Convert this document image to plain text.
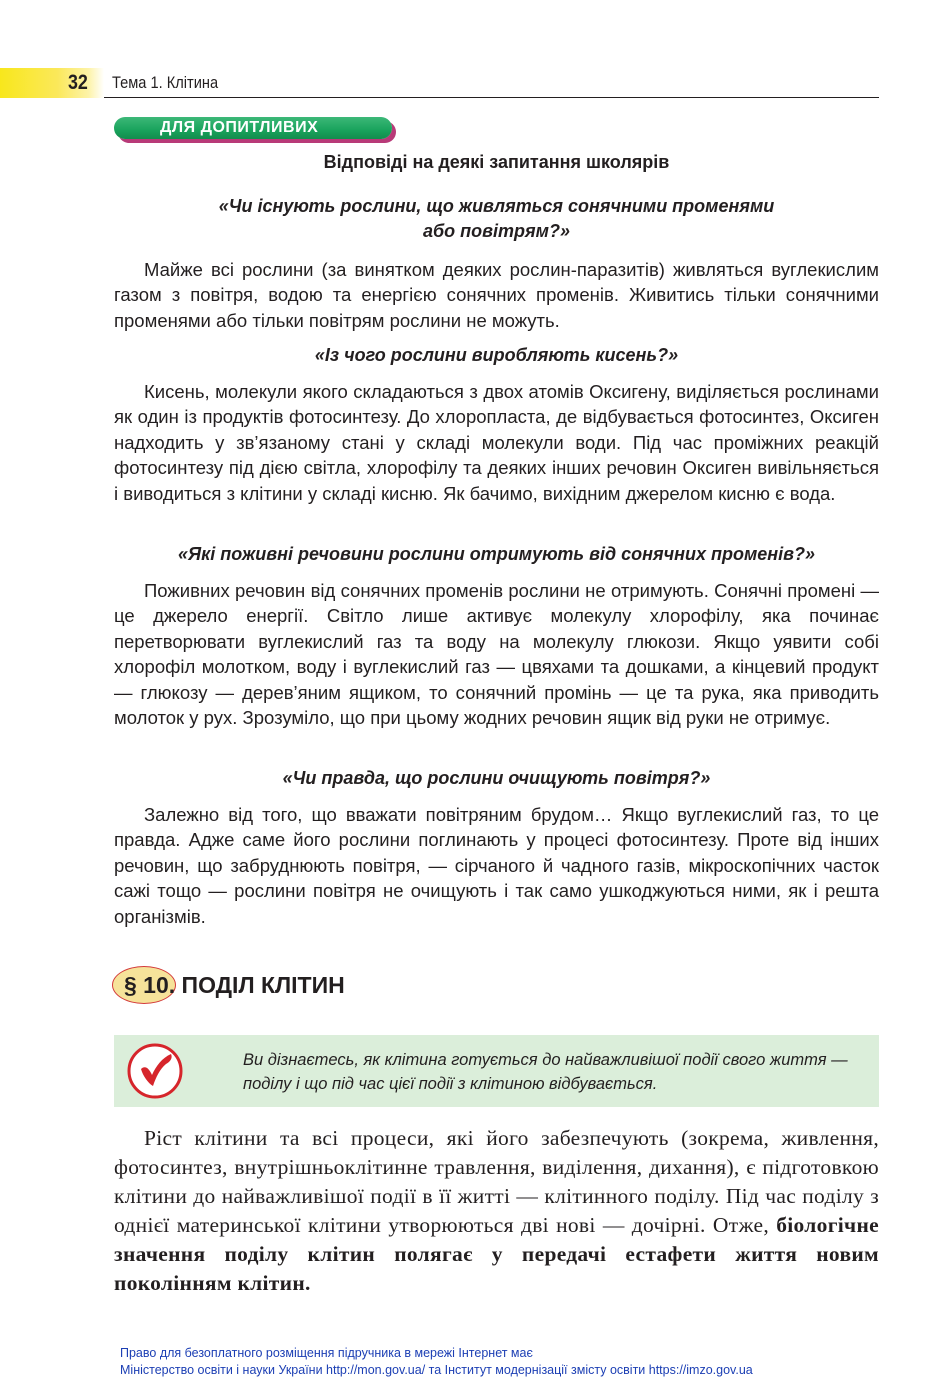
32	Тема 1. Клітина
ДЛЯ ДОПИТЛИВИХ
Відповіді на деякі запитання школярів
«Чи існують рослини, що живляться сонячними променями
або повітрям?»
Майже всі рослини (за винятком деяких рослин-паразитів) живляться вуглекислим газом з повітря, водою та енергією сонячних променів. Живитись тільки сонячними променями або тільки повітрям рослини не можуть.
«Із чого рослини виробляють кисень?»
Кисень, молекули якого складаються з двох атомів Оксигену, виділяється рослинами як один із продуктів фотосинтезу. До хлоропласта, де відбувається фотосинтез, Оксиген надходить у зв’язаному стані у складі молекули води. Під час проміжних реакцій фотосинтезу під дією світла, хлорофілу та деяких інших речовин Оксиген вивільняється і виводиться з клітини у складі кисню. Як бачимо, вихідним джерелом кисню є вода.
«Які поживні речовини рослини отримують від сонячних променів?»
Поживних речовин від сонячних променів рослини не отримують. Сонячні промені — це джерело енергії. Світло лише активує молекулу хлорофілу, яка починає перетворювати вуглекислий газ та воду на молекулу глюкози. Якщо уявити собі хлорофіл молотком, воду і вуглекислий газ — цвяхами та дошками, а кінцевий продукт — глюкозу — дерев’яним ящиком, то сонячний промінь — це та рука, яка приводить молоток у рух. Зрозуміло, що при цьому жодних речовин ящик від руки не отримує.
«Чи правда, що рослини очищують повітря?»
Залежно від того, що вважати повітряним брудом… Якщо вуглекислий газ, то це правда. Адже саме його рослини поглинають у процесі фотосинтезу. Проте від інших речовин, що забруднюють повітря, — сірчаного й чадного газів, мікроскопічних часток сажі тощо — рослини повітря не очищують і так само ушкоджуються ними, як і решта організмів.
§ 10. ПОДІЛ КЛІТИН
Ви дізнаєтесь, як клітина готується до найважливішої події свого життя — поділу і що під час цієї події з клітиною відбувається.
Ріст клітини та всі процеси, які його забезпечують (зокрема, живлення, фотосинтез, внутрішньоклітинне травлення, виділення, дихання), є підготовкою клітини до найважливішої події в її житті — клітинного поділу. Під час поділу з однієї материнської клітини утворюються дві нові — дочірні. Отже, біологічне значення поділу клітин полягає у передачі естафети життя новим поколінням клітин.
Право для безоплатного розміщення підручника в мережі Інтернет має
Міністерство освіти і науки України http://mon.gov.ua/ та Інститут модернізації змісту освіти https://imzo.gov.ua
